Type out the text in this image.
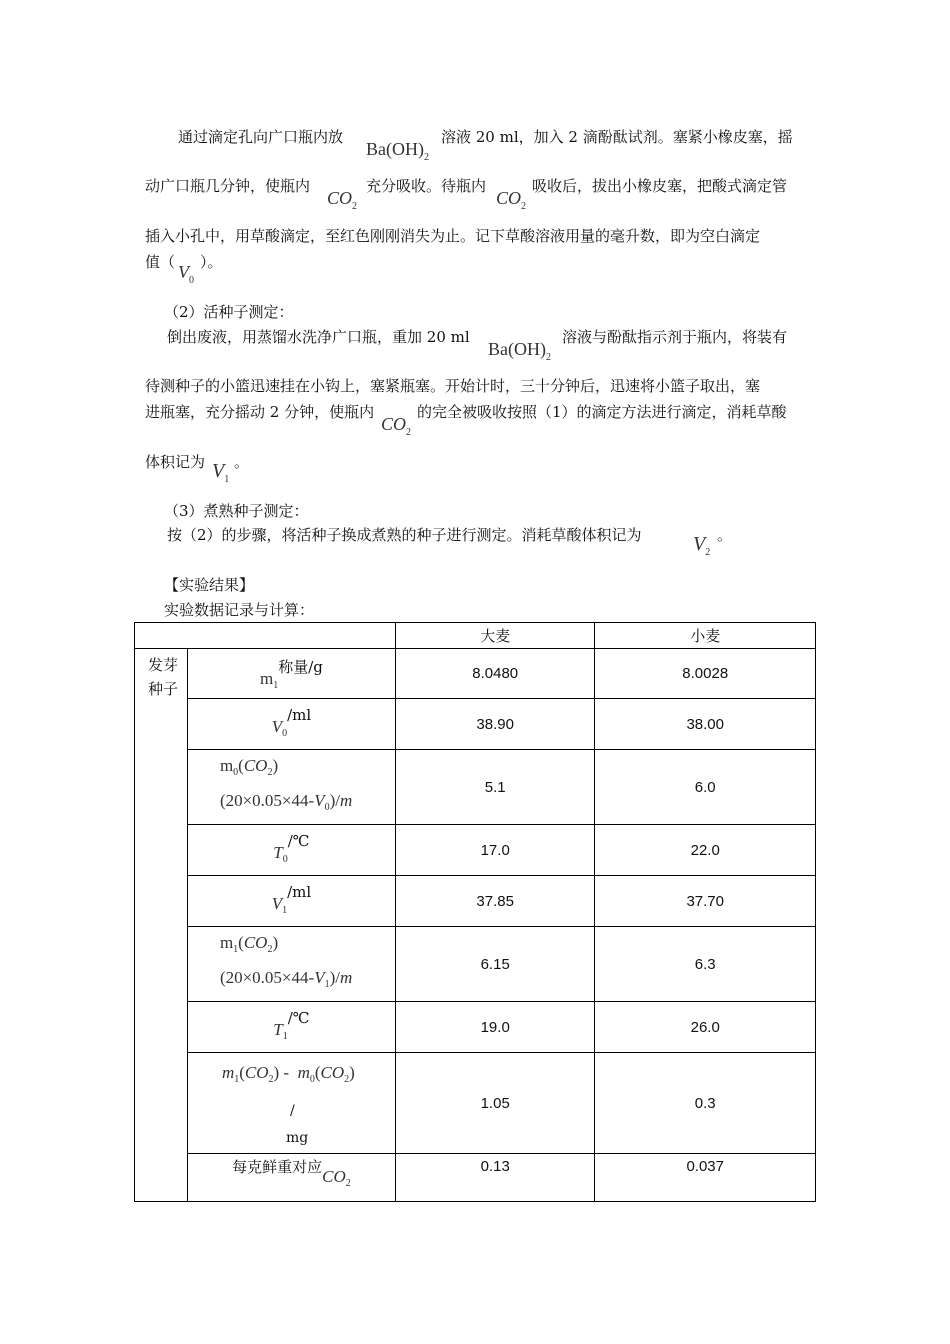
通过滴定孔向广口瓶内放
$Ba(OH)_2$
溶液 20 ml，加入 2 滴酚酞试剂。塞紧小橡皮塞，摇
动广口瓶几分钟，使瓶内
$CO_2$
充分吸收。待瓶内
$CO_2$
吸收后，拔出小橡皮塞，把酸式滴定管
插入小孔中，用草酸滴定，至红色刚刚消失为止。记下草酸溶液用量的毫升数，即为空白滴定
值（ $V_0$
）。
（2）活种子测定：
倒出废液，用蒸馏水洗净广口瓶，重加 20 ml
$Ba(OH)_2$
溶液与酚酞指示剂于瓶内，将装有
待测种子的小篮迅速挂在小钩上，塞紧瓶塞。开始计时，三十分钟后，迅速将小篮子取出，塞
进瓶塞，充分摇动 2 分钟，使瓶内
$CO_2$
的完全被吸收按照（1）的滴定方法进行滴定，消耗草酸
体积记为 $V_1$
。
（3）煮熟种子测定：
按（2）的步骤，将活种子换成煮熟的种子进行测定。消耗草酸体积记为	$V_2$
。
【实验结果】
实验数据记录与计算：
		大麦	小麦
发芽种子	$m_1$称量/g	8.0480	8.0028
	$V_0/ml$	38.90	38.00

	$m_0(CO_2)$
$(20\times 0.05\times 44-V_0)/m$	5.1	6.0
	$T_0/℃$	17.0	22.0
	$V_1/ml$	37.85	37.70

	$m_1(CO_2)$
$(20\times 0.05\times 44-V_1)/m$	6.15	6.3
	$T_1/℃$	19.0	26.0

	$m_1(CO_2) - m_0(CO_2)$
/
mg	1.05	0.3
	每克鲜重对应$CO_2$	0.13	0.037
